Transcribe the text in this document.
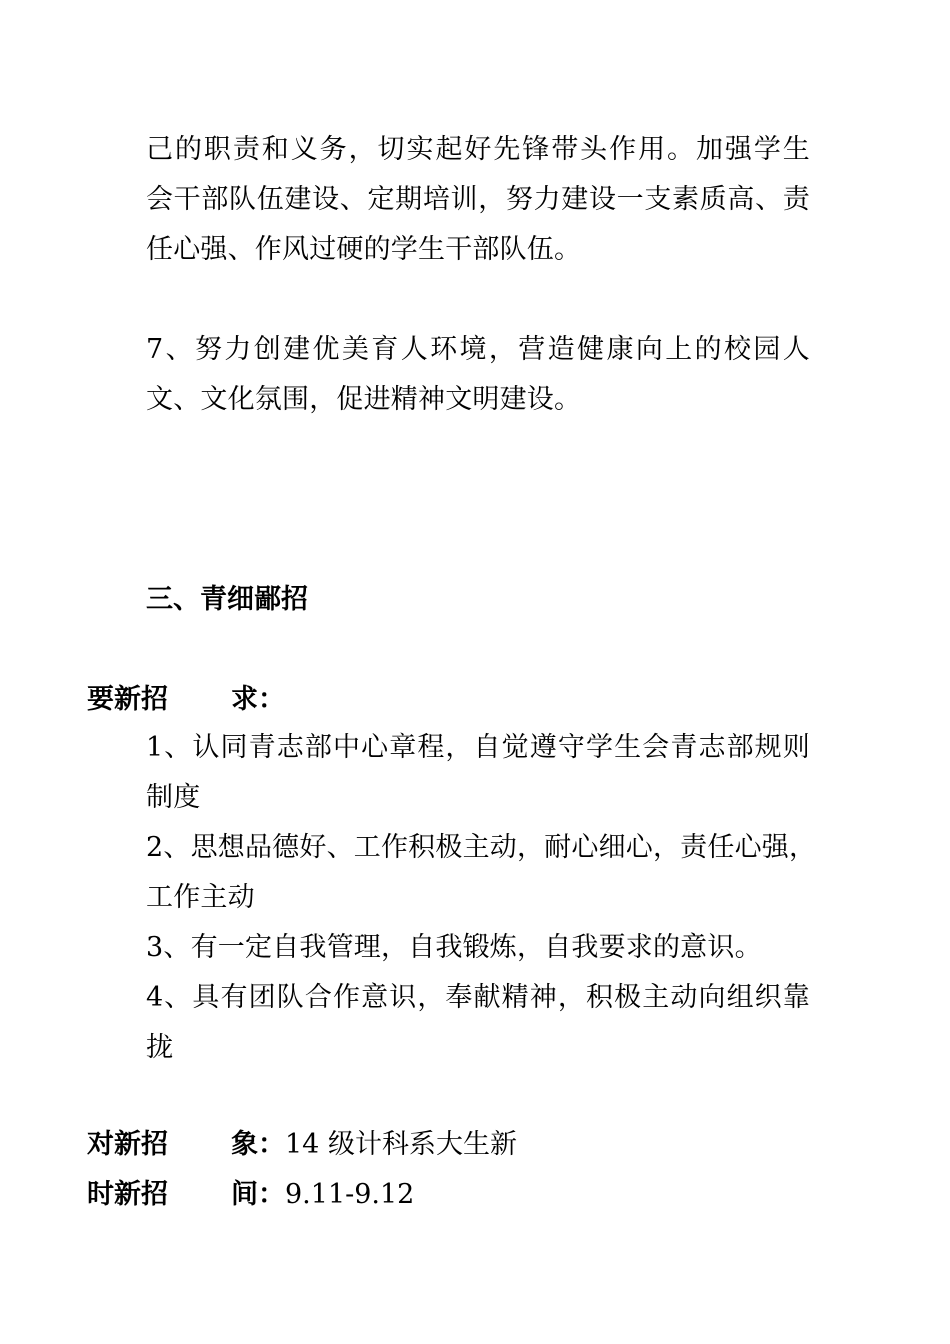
己的职责和义务，切实起好先锋带头作用。加强学生
会干部队伍建设、定期培训，努力建设一支素质高、责
任心强、作风过硬的学生干部队伍。
7、努力创建优美育人环境，营造健康向上的校园人
文、文化氛围，促进精神文明建设。
三、青细鄙招
要新招 求：
1、认同青志部中心章程，自觉遵守学生会青志部规则
制度
2、思想品德好、工作积极主动，耐心细心，责任心强，
工作主动
3、有一定自我管理，自我锻炼，自我要求的意识。
4、具有团队合作意识，奉献精神，积极主动向组织靠
拢
对新招 象：14 级计科系大生新
时新招 间：9.11-9.12
